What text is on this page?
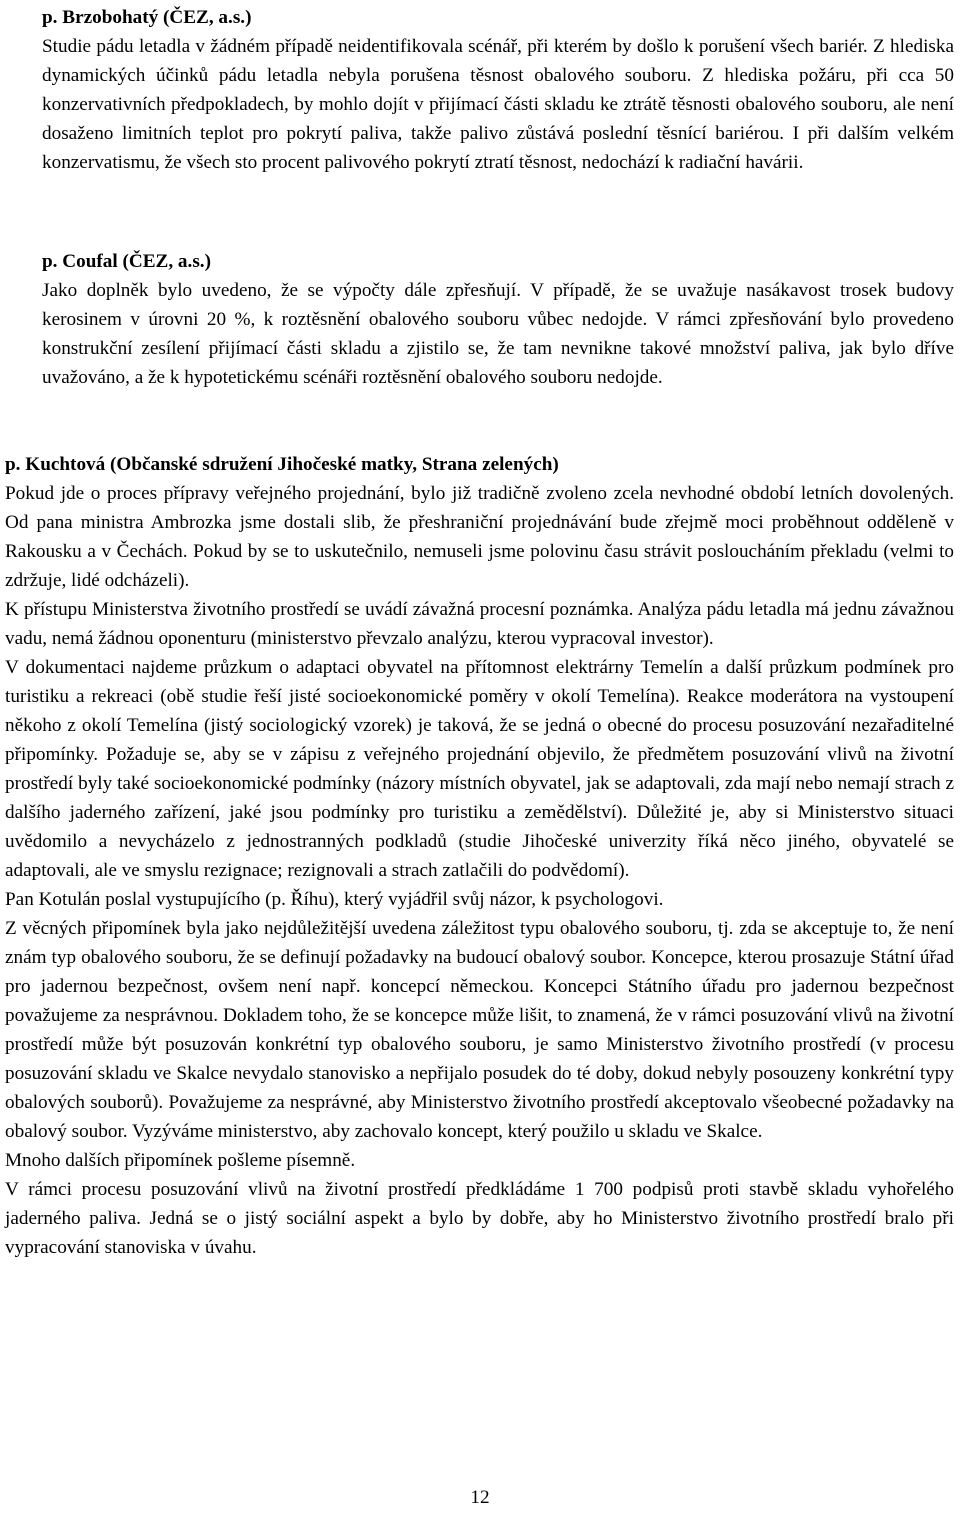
p. Brzobohatý (ČEZ, a.s.)
Studie pádu letadla v žádném případě neidentifikovala scénář, při kterém by došlo k porušení všech bariér. Z hlediska dynamických účinků pádu letadla nebyla porušena těsnost obalového souboru. Z hlediska požáru, při cca 50 konzervativních předpokladech, by mohlo dojít v přijímací části skladu ke ztrátě těsnosti obalového souboru, ale není dosaženo limitních teplot pro pokrytí paliva, takže palivo zůstává poslední těsnící bariérou. I při dalším velkém konzervatismu, že všech sto procent palivového pokrytí ztratí těsnost, nedochází k radiační havárii.
p. Coufal (ČEZ, a.s.)
Jako doplněk bylo uvedeno, že se výpočty dále zpřesňují. V případě, že se uvažuje nasákavost trosek budovy kerosinem v úrovni 20 %, k roztěsnění obalového souboru vůbec nedojde. V rámci zpřesňování bylo provedeno konstrukční zesílení přijímací části skladu a zjistilo se, že tam nevnikne takové množství paliva, jak bylo dříve uvažováno, a že k hypotetickému scénáři roztěsnění obalového souboru nedojde.
p. Kuchtová (Občanské sdružení Jihočeské matky, Strana zelených)
Pokud jde o proces přípravy veřejného projednání, bylo již tradičně zvoleno zcela nevhodné období letních dovolených. Od pana ministra Ambrozka jsme dostali slib, že přeshraniční projednávání bude zřejmě moci proběhnout odděleně v Rakousku a v Čechách. Pokud by se to uskutečnilo, nemuseli jsme polovinu času strávit posloucháním překladu (velmi to zdržuje, lidé odcházeli).
K přístupu Ministerstva životního prostředí se uvádí závažná procesní poznámka. Analýza pádu letadla má jednu závažnou vadu, nemá žádnou oponenturu (ministerstvo převzalo analýzu, kterou vypracoval investor).
V dokumentaci najdeme průzkum o adaptaci obyvatel na přítomnost elektrárny Temelín a další průzkum podmínek pro turistiku a rekreaci (obě studie řeší jisté socioekonomické poměry v okolí Temelína). Reakce moderátora na vystoupení někoho z okolí Temelína (jistý sociologický vzorek) je taková, že se jedná o obecné do procesu posuzování nezařaditelné připomínky. Požaduje se, aby se v zápisu z veřejného projednání objevilo, že předmětem posuzování vlivů na životní prostředí byly také socioekonomické podmínky (názory místních obyvatel, jak se adaptovali, zda mají nebo nemají strach z dalšího jaderného zařízení, jaké jsou podmínky pro turistiku a zemědělství). Důležité je, aby si Ministerstvo situaci uvědomilo a nevycházelo z jednostranných podkladů (studie Jihočeské univerzity říká něco jiného, obyvatelé se adaptovali, ale ve smyslu rezignace; rezignovali a strach zatlačili do podvědomí).
Pan Kotulán poslal vystupujícího (p. Říhu), který vyjádřil svůj názor, k psychologovi.
Z věcných připomínek byla jako nejdůležitější uvedena záležitost typu obalového souboru, tj. zda se akceptuje to, že není znám typ obalového souboru, že se definují požadavky na budoucí obalový soubor. Koncepce, kterou prosazuje Státní úřad pro jadernou bezpečnost, ovšem není např. koncepcí německou. Koncepci Státního úřadu pro jadernou bezpečnost považujeme za nesprávnou. Dokladem toho, že se koncepce může lišit, to znamená, že v rámci posuzování vlivů na životní prostředí může být posuzován konkrétní typ obalového souboru, je samo Ministerstvo životního prostředí (v procesu posuzování skladu ve Skalce nevydalo stanovisko a nepřijalo posudek do té doby, dokud nebyly posouzeny konkrétní typy obalových souborů). Považujeme za nesprávné, aby Ministerstvo životního prostředí akceptovalo všeobecné požadavky na obalový soubor. Vyzýváme ministerstvo, aby zachovalo koncept, který použilo u skladu ve Skalce.
Mnoho dalších připomínek pošleme písemně.
V rámci procesu posuzování vlivů na životní prostředí předkládáme 1 700 podpisů proti stavbě skladu vyhořelého jaderného paliva. Jedná se o jistý sociální aspekt a bylo by dobře, aby ho Ministerstvo životního prostředí bralo při vypracování stanoviska v úvahu.
12
